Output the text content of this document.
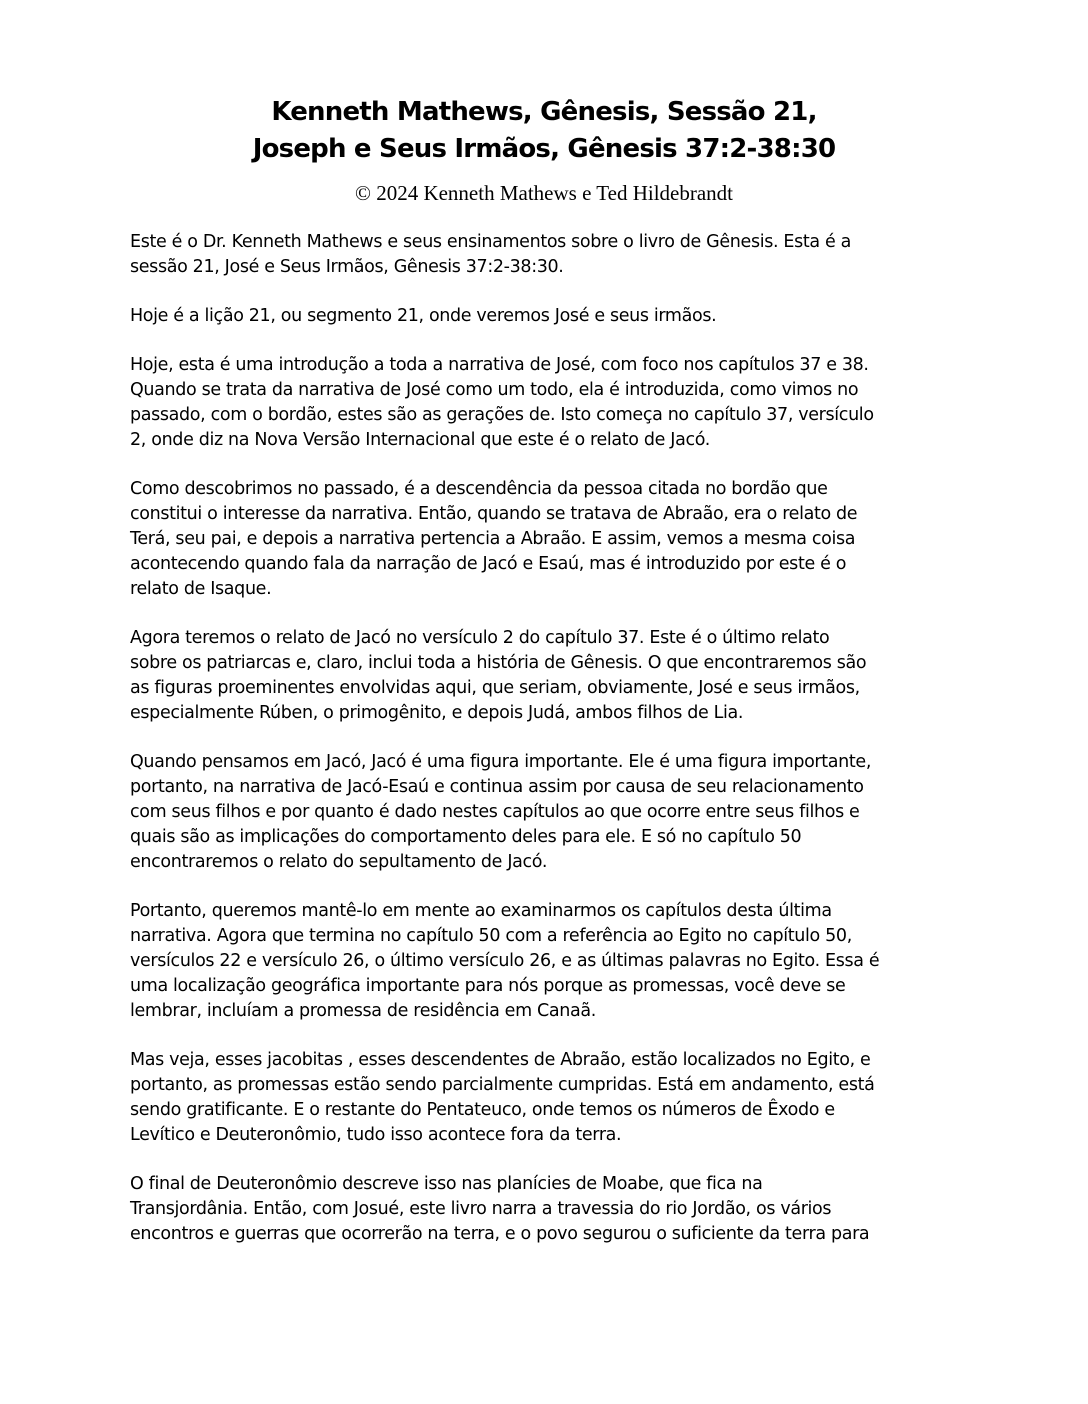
Kenneth Mathews, Gênesis, Sessão 21,
Joseph e Seus Irmãos, Gênesis 37:2-38:30
© 2024 Kenneth Mathews e Ted Hildebrandt

Este é o Dr. Kenneth Mathews e seus ensinamentos sobre o livro de Gênesis. Esta é a
sessão 21, José e Seus Irmãos, Gênesis 37:2-38:30.

Hoje é a lição 21, ou segmento 21, onde veremos José e seus irmãos.

Hoje, esta é uma introdução a toda a narrativa de José, com foco nos capítulos 37 e 38.
Quando se trata da narrativa de José como um todo, ela é introduzida, como vimos no
passado, com o bordão, estes são as gerações de. Isto começa no capítulo 37, versículo
2, onde diz na Nova Versão Internacional que este é o relato de Jacó.

Como descobrimos no passado, é a descendência da pessoa citada no bordão que
constitui o interesse da narrativa. Então, quando se tratava de Abraão, era o relato de
Terá, seu pai, e depois a narrativa pertencia a Abraão. E assim, vemos a mesma coisa
acontecendo quando fala da narração de Jacó e Esaú, mas é introduzido por este é o
relato de Isaque.

Agora teremos o relato de Jacó no versículo 2 do capítulo 37. Este é o último relato
sobre os patriarcas e, claro, inclui toda a história de Gênesis. O que encontraremos são
as figuras proeminentes envolvidas aqui, que seriam, obviamente, José e seus irmãos,
especialmente Rúben, o primogênito, e depois Judá, ambos filhos de Lia.

Quando pensamos em Jacó, Jacó é uma figura importante. Ele é uma figura importante,
portanto, na narrativa de Jacó-Esaú e continua assim por causa de seu relacionamento
com seus filhos e por quanto é dado nestes capítulos ao que ocorre entre seus filhos e
quais são as implicações do comportamento deles para ele. E só no capítulo 50
encontraremos o relato do sepultamento de Jacó.

Portanto, queremos mantê-lo em mente ao examinarmos os capítulos desta última
narrativa. Agora que termina no capítulo 50 com a referência ao Egito no capítulo 50,
versículos 22 e versículo 26, o último versículo 26, e as últimas palavras no Egito. Essa é
uma localização geográfica importante para nós porque as promessas, você deve se
lembrar, incluíam a promessa de residência em Canaã.

Mas veja, esses jacobitas , esses descendentes de Abraão, estão localizados no Egito, e
portanto, as promessas estão sendo parcialmente cumpridas. Está em andamento, está
sendo gratificante. E o restante do Pentateuco, onde temos os números de Êxodo e
Levítico e Deuteronômio, tudo isso acontece fora da terra.

O final de Deuteronômio descreve isso nas planícies de Moabe, que fica na
Transjordânia. Então, com Josué, este livro narra a travessia do rio Jordão, os vários
encontros e guerras que ocorrerão na terra, e o povo segurou o suficiente da terra para
